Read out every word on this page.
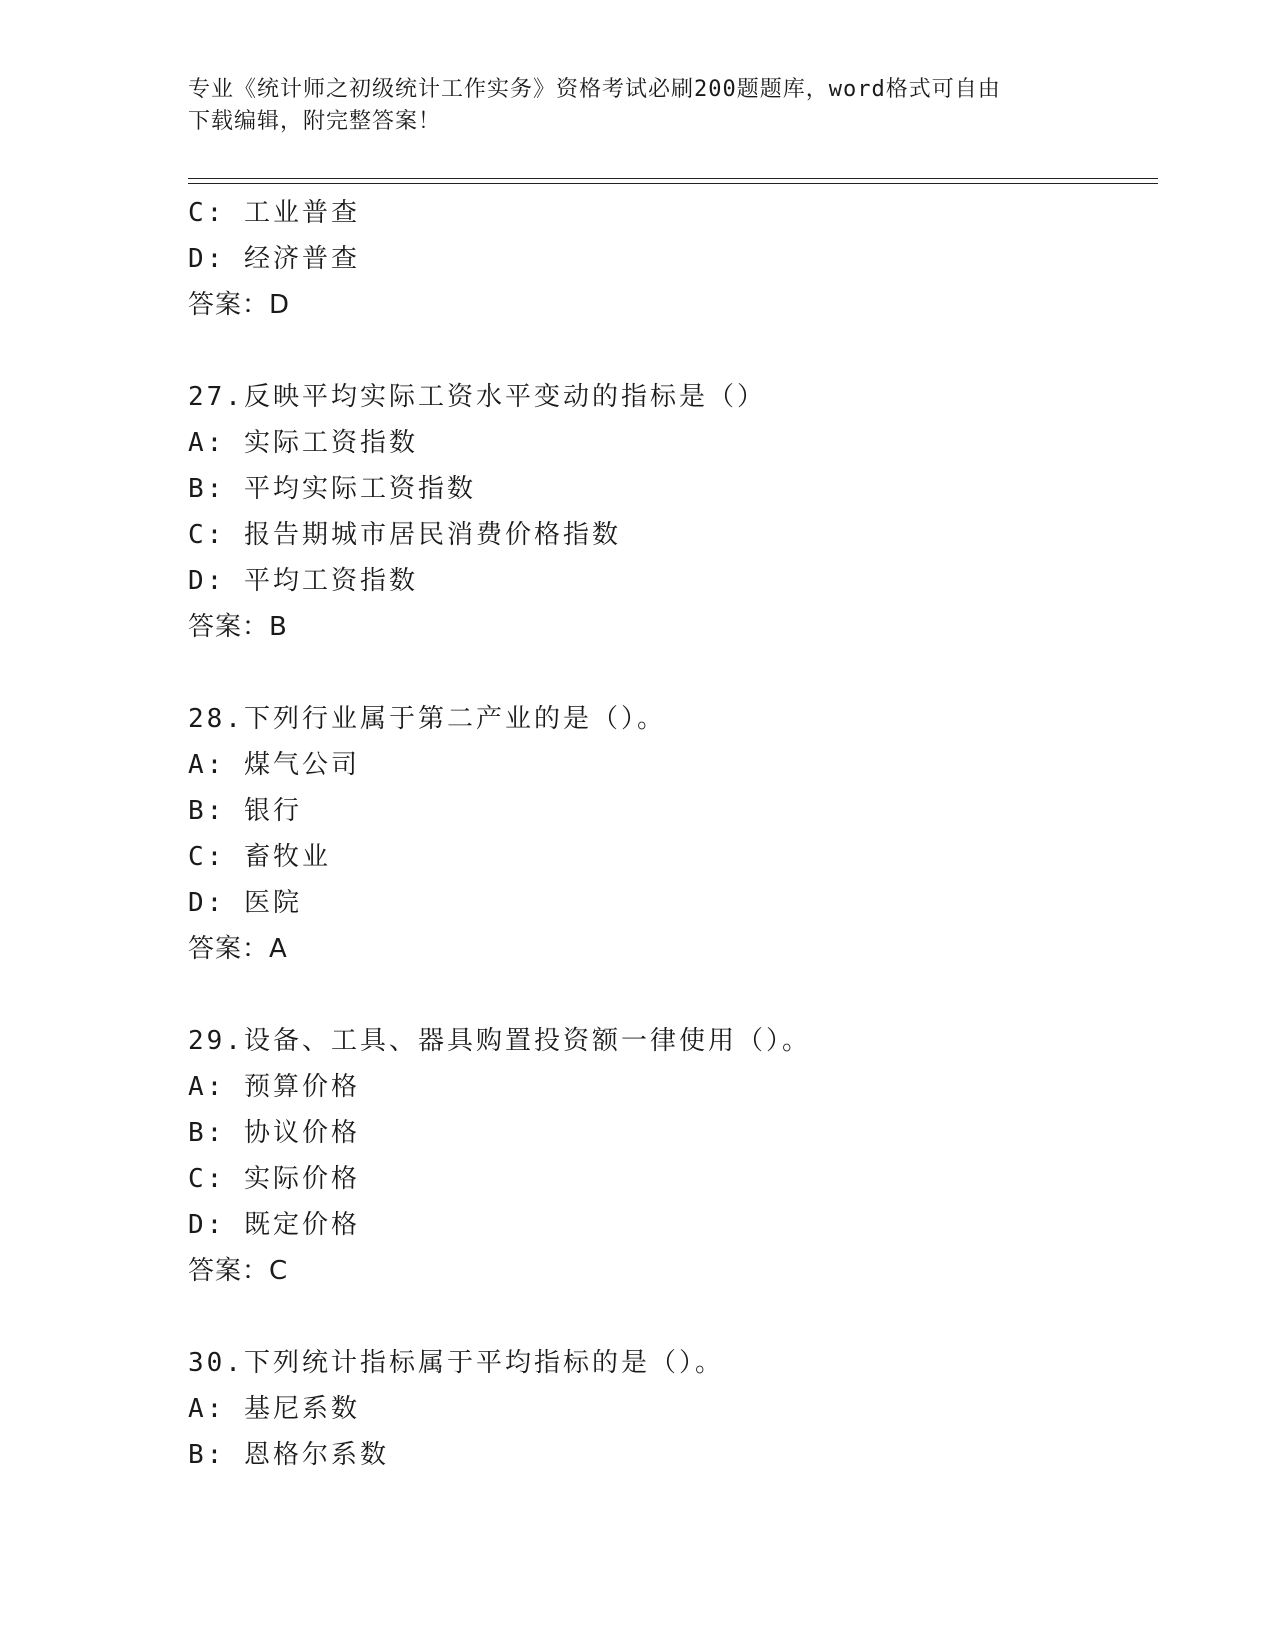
专业《统计师之初级统计工作实务》资格考试必刷200题题库，word格式可自由
下载编辑，附完整答案！
C: 工业普查
D: 经济普查
答案：D
27.反映平均实际工资水平变动的指标是（）
A: 实际工资指数
B: 平均实际工资指数
C: 报告期城市居民消费价格指数
D: 平均工资指数
答案：B
28.下列行业属于第二产业的是（）。
A: 煤气公司
B: 银行
C: 畜牧业
D: 医院
答案：A
29.设备、工具、器具购置投资额一律使用（）。
A: 预算价格
B: 协议价格
C: 实际价格
D: 既定价格
答案：C
30.下列统计指标属于平均指标的是（）。
A: 基尼系数
B: 恩格尔系数
